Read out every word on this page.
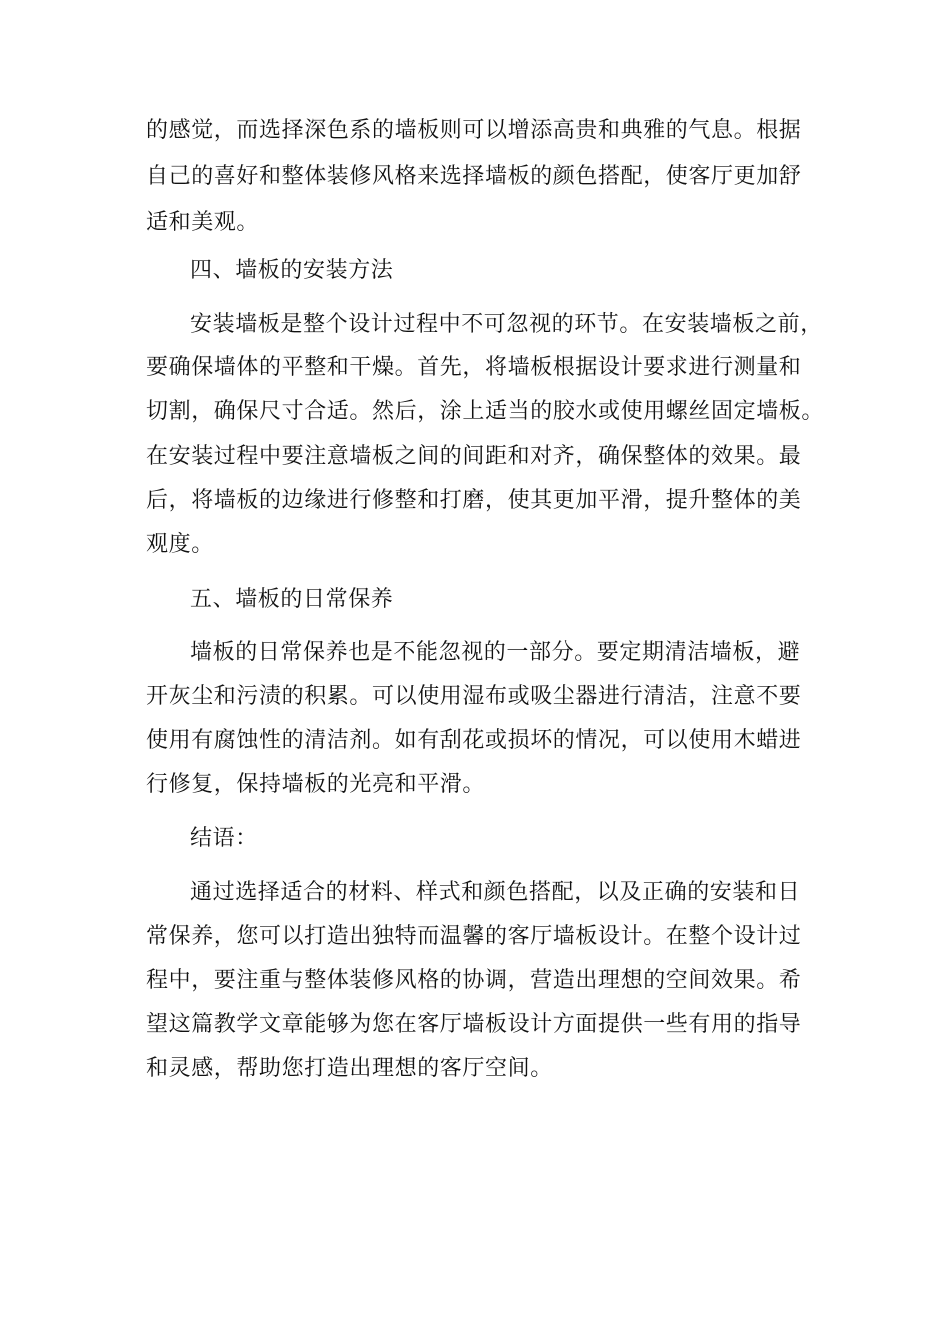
的感觉，而选择深色系的墙板则可以增添高贵和典雅的气息。根据
自己的喜好和整体装修风格来选择墙板的颜色搭配，使客厅更加舒
适和美观。
四、墙板的安装方法
安装墙板是整个设计过程中不可忽视的环节。在安装墙板之前，
要确保墙体的平整和干燥。首先，将墙板根据设计要求进行测量和
切割，确保尺寸合适。然后，涂上适当的胶水或使用螺丝固定墙板。
在安装过程中要注意墙板之间的间距和对齐，确保整体的效果。最
后，将墙板的边缘进行修整和打磨，使其更加平滑，提升整体的美
观度。
五、墙板的日常保养
墙板的日常保养也是不能忽视的一部分。要定期清洁墙板，避
开灰尘和污渍的积累。可以使用湿布或吸尘器进行清洁，注意不要
使用有腐蚀性的清洁剂。如有刮花或损坏的情况，可以使用木蜡进
行修复，保持墙板的光亮和平滑。
结语：
通过选择适合的材料、样式和颜色搭配，以及正确的安装和日
常保养，您可以打造出独特而温馨的客厅墙板设计。在整个设计过
程中，要注重与整体装修风格的协调，营造出理想的空间效果。希
望这篇教学文章能够为您在客厅墙板设计方面提供一些有用的指导
和灵感，帮助您打造出理想的客厅空间。
